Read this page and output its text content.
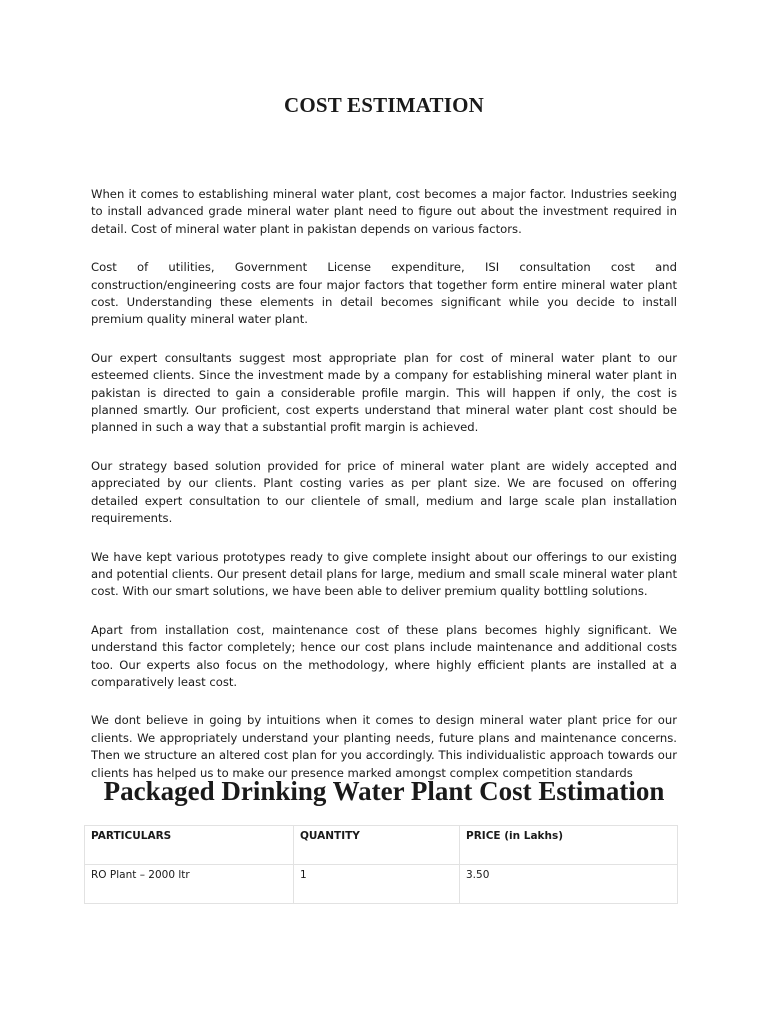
COST ESTIMATION

When it comes to establishing mineral water plant, cost becomes a major factor. Industries seeking to install advanced grade mineral water plant need to figure out about the investment required in detail. Cost of mineral water plant in pakistan depends on various factors.

Cost of utilities, Government License expenditure, ISI consultation cost and construction/engineering costs are four major factors that together form entire mineral water plant cost. Understanding these elements in detail becomes significant while you decide to install premium quality mineral water plant.

Our expert consultants suggest most appropriate plan for cost of mineral water plant to our esteemed clients. Since the investment made by a company for establishing mineral water plant in pakistan is directed to gain a considerable profile margin. This will happen if only, the cost is planned smartly. Our proficient, cost experts understand that mineral water plant cost should be planned in such a way that a substantial profit margin is achieved.

Our strategy based solution provided for price of mineral water plant are widely accepted and appreciated by our clients. Plant costing varies as per plant size. We are focused on offering detailed expert consultation to our clientele of small, medium and large scale plan installation requirements.

We have kept various prototypes ready to give complete insight about our offerings to our existing and potential clients. Our present detail plans for large, medium and small scale mineral water plant cost. With our smart solutions, we have been able to deliver premium quality bottling solutions.

Apart from installation cost, maintenance cost of these plans becomes highly significant. We understand this factor completely; hence our cost plans include maintenance and additional costs too. Our experts also focus on the methodology, where highly efficient plants are installed at a comparatively least cost.

We dont believe in going by intuitions when it comes to design mineral water plant price for our clients. We appropriately understand your planting needs, future plans and maintenance concerns. Then we structure an altered cost plan for you accordingly. This individualistic approach towards our clients has helped us to make our presence marked amongst complex competition standards

Packaged Drinking Water Plant Cost Estimation
PARTICULARS	QUANTITY	PRICE (in Lakhs)
RO Plant – 2000 ltr	1	3.50
